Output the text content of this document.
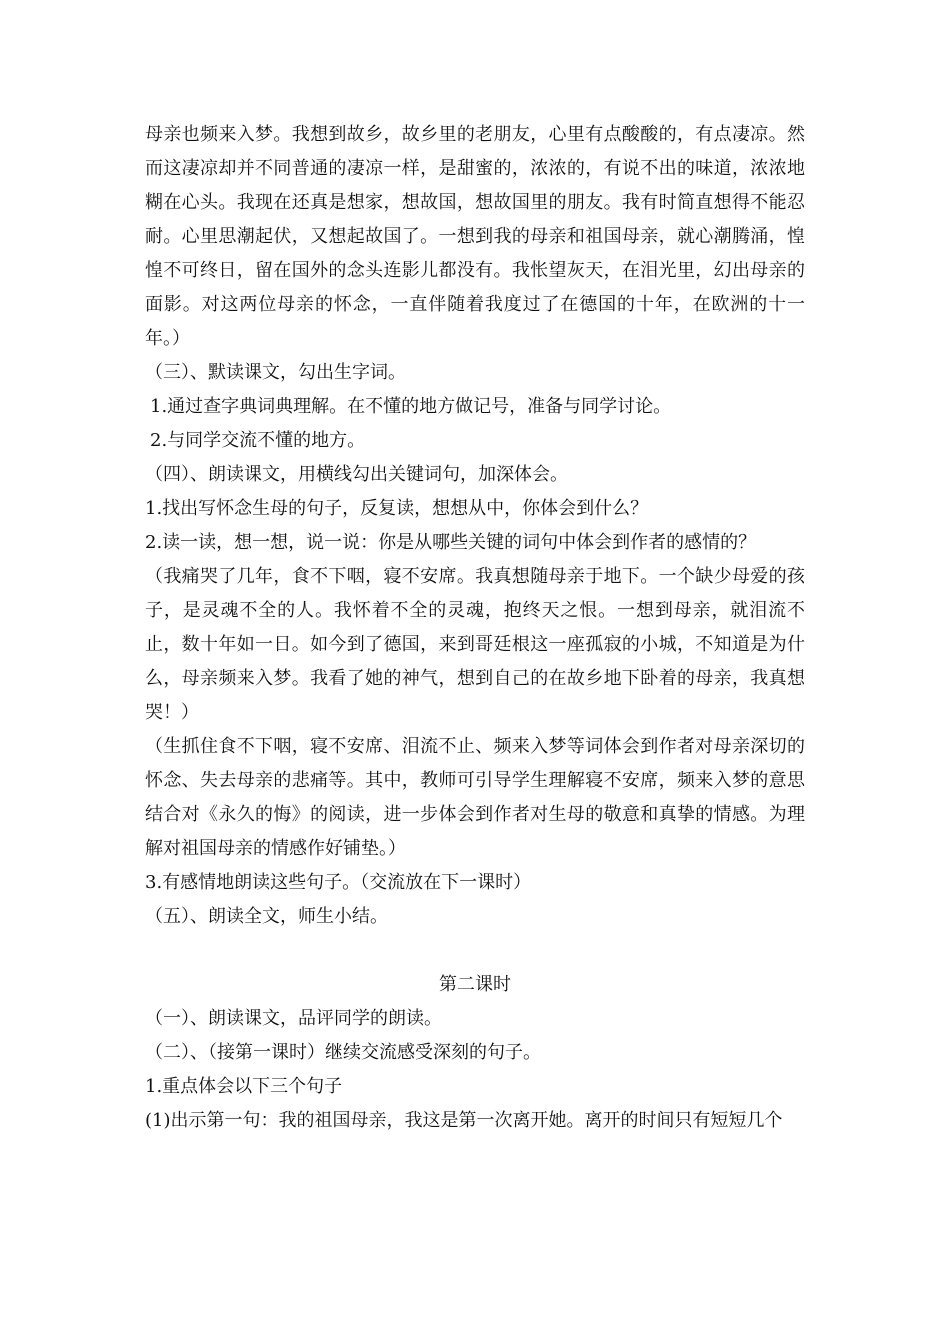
母亲也频来入梦。我想到故乡，故乡里的老朋友，心里有点酸酸的，有点凄凉。然而这凄凉却并不同普通的凄凉一样，是甜蜜的，浓浓的，有说不出的味道，浓浓地糊在心头。我现在还真是想家，想故国，想故国里的朋友。我有时简直想得不能忍耐。心里思潮起伏，又想起故国了。一想到我的母亲和祖国母亲，就心潮腾涌，惶惶不可终日，留在国外的念头连影儿都没有。我怅望灰天，在泪光里，幻出母亲的面影。对这两位母亲的怀念，一直伴随着我度过了在德国的十年，在欧洲的十一年。）

（三）、默读课文，勾出生字词。

1.通过查字典词典理解。在不懂的地方做记号，准备与同学讨论。

2.与同学交流不懂的地方。

（四）、朗读课文，用横线勾出关键词句，加深体会。

1.找出写怀念生母的句子，反复读，想想从中，你体会到什么？

2.读一读，想一想，说一说：你是从哪些关键的词句中体会到作者的感情的？

（我痛哭了几年，食不下咽，寝不安席。我真想随母亲于地下。一个缺少母爱的孩子，是灵魂不全的人。我怀着不全的灵魂，抱终天之恨。一想到母亲，就泪流不止，数十年如一日。如今到了德国，来到哥廷根这一座孤寂的小城，不知道是为什么，母亲频来入梦。我看了她的神气，想到自己的在故乡地下卧着的母亲，我真想哭！）

（生抓住食不下咽，寝不安席、泪流不止、频来入梦等词体会到作者对母亲深切的怀念、失去母亲的悲痛等。其中，教师可引导学生理解寝不安席，频来入梦的意思结合对《永久的悔》的阅读，进一步体会到作者对生母的敬意和真挚的情感。为理解对祖国母亲的情感作好铺垫。）

3.有感情地朗读这些句子。（交流放在下一课时）

（五）、朗读全文，师生小结。

第二课时

（一）、朗读课文，品评同学的朗读。

（二）、（接第一课时）继续交流感受深刻的句子。

1.重点体会以下三个句子

(1)出示第一句：我的祖国母亲，我这是第一次离开她。离开的时间只有短短几个
